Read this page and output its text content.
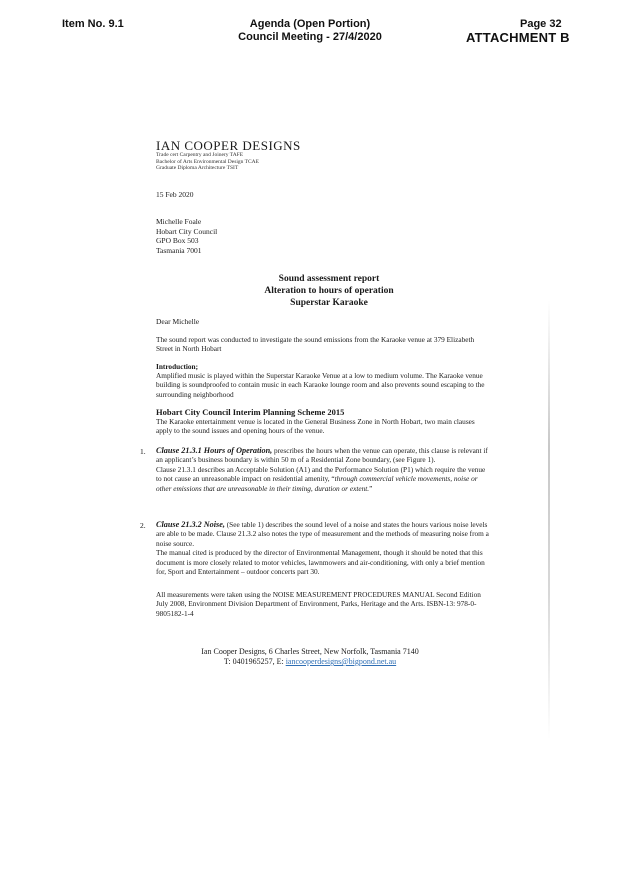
Item No. 9.1	Agenda (Open Portion)
Council Meeting - 27/4/2020
Page 32
ATTACHMENT B
IAN COOPER DESIGNS
Trade cert Carpentry and Joinery TAFE
Bachelor of Arts Environmental Design TCAE
Graduate Diploma Architecture TSIT
15 Feb 2020
Michelle Foale
Hobart City Council
GPO Box 503
Tasmania 7001
Sound assessment report
Alteration to hours of operation
Superstar Karaoke
Dear Michelle
The sound report was conducted to investigate the sound emissions from the Karaoke venue at 379 Elizabeth Street in North Hobart
Introduction;
Amplified music is played within the Superstar Karaoke Venue at a low to medium volume. The Karaoke venue building is soundproofed to contain music in each Karaoke lounge room and also prevents sound escaping to the surrounding neighborhood
Hobart City Council Interim Planning Scheme 2015
The Karaoke entertainment venue is located in the General Business Zone in North Hobart, two main clauses apply to the sound issues and opening hours of the venue.
1. Clause 21.3.1 Hours of Operation, prescribes the hours when the venue can operate, this clause is relevant if an applicant’s business boundary is within 50 m of a Residential Zone boundary, (see Figure 1).
Clause 21.3.1 describes an Acceptable Solution (A1) and the Performance Solution (P1) which require the venue to not cause an unreasonable impact on residential amenity, “through commercial vehicle movements, noise or other emissions that are unreasonable in their timing, duration or extent.”
2. Clause 21.3.2 Noise, (See table 1) describes the sound level of a noise and states the hours various noise levels are able to be made. Clause 21.3.2 also notes the type of measurement and the methods of measuring noise from a noise source.
The manual cited is produced by the director of Environmental Management, though it should be noted that this document is more closely related to motor vehicles, lawnmowers and air-conditioning, with only a brief mention for, Sport and Entertainment – outdoor concerts part 30.
All measurements were taken using the NOISE MEASUREMENT PROCEDURES MANUAL Second Edition July 2008, Environment Division Department of Environment, Parks, Heritage and the Arts. ISBN-13: 978-0-9805182-1-4
Ian Cooper Designs, 6 Charles Street, New Norfolk, Tasmania 7140
T: 0401965257, E: iancooperdesigns@bigpond.net.au
